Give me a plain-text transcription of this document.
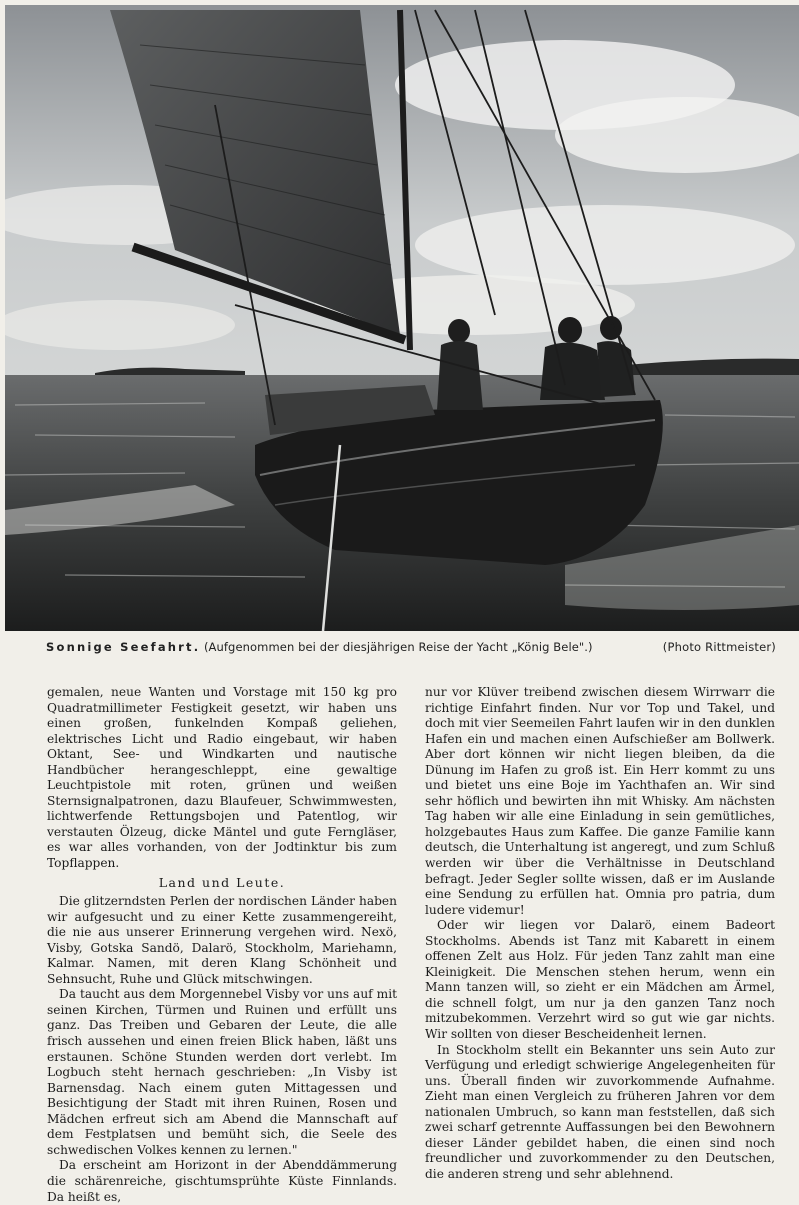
Sonnige Seefahrt. (Aufgenommen bei der diesjährigen Reise der Yacht „König Bele".)	(Photo Rittmeister)

gemalen, neue Wanten und Vorstage mit 150 kg pro Quadratmillimeter Festigkeit gesetzt, wir haben uns einen großen, funkelnden Kompaß geliehen, elektrisches Licht und Radio eingebaut, wir haben Oktant, See- und Windkarten und nautische Handbücher herangeschleppt, eine gewaltige Leuchtpistole mit roten, grünen und weißen Sternsignalpatronen, dazu Blaufeuer, Schwimmwesten, lichtwerfende Rettungsbojen und Patentlog, wir verstauten Ölzeug, dicke Mäntel und gute Ferngläser, es war alles vorhanden, von der Jodtinktur bis zum Topflappen.

Land und Leute.

Die glitzerndsten Perlen der nordischen Länder haben wir aufgesucht und zu einer Kette zusammengereiht, die nie aus unserer Erinnerung vergehen wird. Nexö, Visby, Gotska Sandö, Dalarö, Stockholm, Mariehamn, Kalmar. Namen, mit deren Klang Schönheit und Sehnsucht, Ruhe und Glück mitschwingen.

Da taucht aus dem Morgennebel Visby vor uns auf mit seinen Kirchen, Türmen und Ruinen und erfüllt uns ganz. Das Treiben und Gebaren der Leute, die alle frisch aussehen und einen freien Blick haben, läßt uns erstaunen. Schöne Stunden werden dort verlebt. Im Logbuch steht hernach geschrieben: „In Visby ist Barnensdag. Nach einem guten Mittagessen und Besichtigung der Stadt mit ihren Ruinen, Rosen und Mädchen erfreut sich am Abend die Mannschaft auf dem Festplatsen und bemüht sich, die Seele des schwedischen Volkes kennen zu lernen."

Da erscheint am Horizont in der Abenddämmerung die schärenreiche, gischtumsprühte Küste Finnlands. Da heißt es,

nur vor Klüver treibend zwischen diesem Wirrwarr die richtige Einfahrt finden. Nur vor Top und Takel, und doch mit vier Seemeilen Fahrt laufen wir in den dunklen Hafen ein und machen einen Aufschießer am Bollwerk. Aber dort können wir nicht liegen bleiben, da die Dünung im Hafen zu groß ist. Ein Herr kommt zu uns und bietet uns eine Boje im Yachthafen an. Wir sind sehr höflich und bewirten ihn mit Whisky. Am nächsten Tag haben wir alle eine Einladung in sein gemütliches, holzgebautes Haus zum Kaffee. Die ganze Familie kann deutsch, die Unterhaltung ist angeregt, und zum Schluß werden wir über die Verhältnisse in Deutschland befragt. Jeder Segler sollte wissen, daß er im Auslande eine Sendung zu erfüllen hat. Omnia pro patria, dum ludere videmur!

Oder wir liegen vor Dalarö, einem Badeort Stockholms. Abends ist Tanz mit Kabarett in einem offenen Zelt aus Holz. Für jeden Tanz zahlt man eine Kleinigkeit. Die Menschen stehen herum, wenn ein Mann tanzen will, so zieht er ein Mädchen am Ärmel, die schnell folgt, um nur ja den ganzen Tanz noch mitzubekommen. Verzehrt wird so gut wie gar nichts. Wir sollten von dieser Bescheidenheit lernen.

In Stockholm stellt ein Bekannter uns sein Auto zur Verfügung und erledigt schwierige Angelegenheiten für uns. Überall finden wir zuvorkommende Aufnahme. Zieht man einen Vergleich zu früheren Jahren vor dem nationalen Umbruch, so kann man feststellen, daß sich zwei scharf getrennte Auffassungen bei den Bewohnern dieser Länder gebildet haben, die einen sind noch freundlicher und zuvorkommender zu den Deutschen, die anderen streng und sehr ablehnend.
